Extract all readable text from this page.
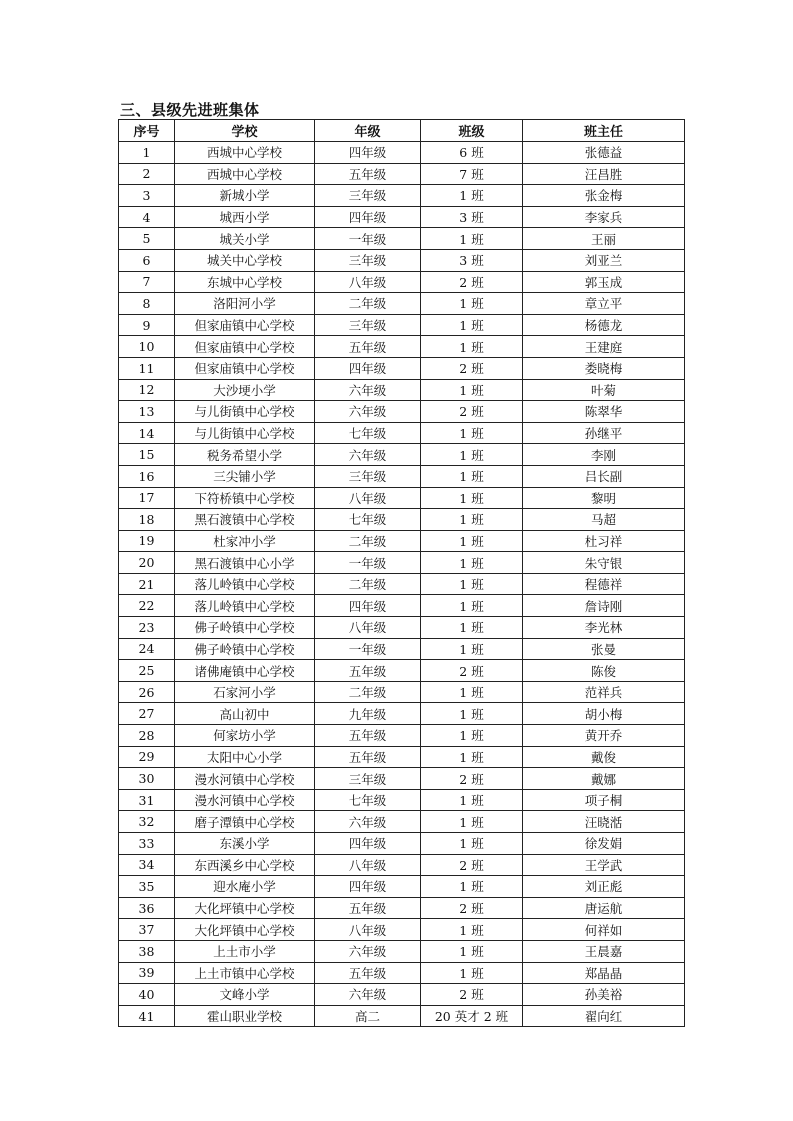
三、县级先进班集体
序号	学校	年级	班级	班主任
1	西城中心学校	四年级	6 班	张德益
2	西城中心学校	五年级	7 班	汪昌胜
3	新城小学	三年级	1 班	张金梅
4	城西小学	四年级	3 班	李家兵
5	城关小学	一年级	1 班	王丽
6	城关中心学校	三年级	3 班	刘亚兰
7	东城中心学校	八年级	2 班	郭玉成
8	洛阳河小学	二年级	1 班	章立平
9	但家庙镇中心学校	三年级	1 班	杨德龙
10	但家庙镇中心学校	五年级	1 班	王建庭
11	但家庙镇中心学校	四年级	2 班	娄晓梅
12	大沙埂小学	六年级	1 班	叶菊
13	与儿街镇中心学校	六年级	2 班	陈翠华
14	与儿街镇中心学校	七年级	1 班	孙继平
15	税务希望小学	六年级	1 班	李刚
16	三尖铺小学	三年级	1 班	吕长副
17	下符桥镇中心学校	八年级	1 班	黎明
18	黑石渡镇中心学校	七年级	1 班	马超
19	杜家冲小学	二年级	1 班	杜习祥
20	黑石渡镇中心小学	一年级	1 班	朱守银
21	落儿岭镇中心学校	二年级	1 班	程德祥
22	落儿岭镇中心学校	四年级	1 班	詹诗刚
23	佛子岭镇中心学校	八年级	1 班	李光林
24	佛子岭镇中心学校	一年级	1 班	张曼
25	诸佛庵镇中心学校	五年级	2 班	陈俊
26	石家河小学	二年级	1 班	范祥兵
27	高山初中	九年级	1 班	胡小梅
28	何家坊小学	五年级	1 班	黄开乔
29	太阳中心小学	五年级	1 班	戴俊
30	漫水河镇中心学校	三年级	2 班	戴娜
31	漫水河镇中心学校	七年级	1 班	项子桐
32	磨子潭镇中心学校	六年级	1 班	汪晓湉
33	东溪小学	四年级	1 班	徐发娟
34	东西溪乡中心学校	八年级	2 班	王学武
35	迎水庵小学	四年级	1 班	刘正彪
36	大化坪镇中心学校	五年级	2 班	唐运航
37	大化坪镇中心学校	八年级	1 班	何祥如
38	上土市小学	六年级	1 班	王晨嘉
39	上土市镇中心学校	五年级	1 班	郑晶晶
40	文峰小学	六年级	2 班	孙美裕
41	霍山职业学校	高二	20 英才 2 班	翟向红
